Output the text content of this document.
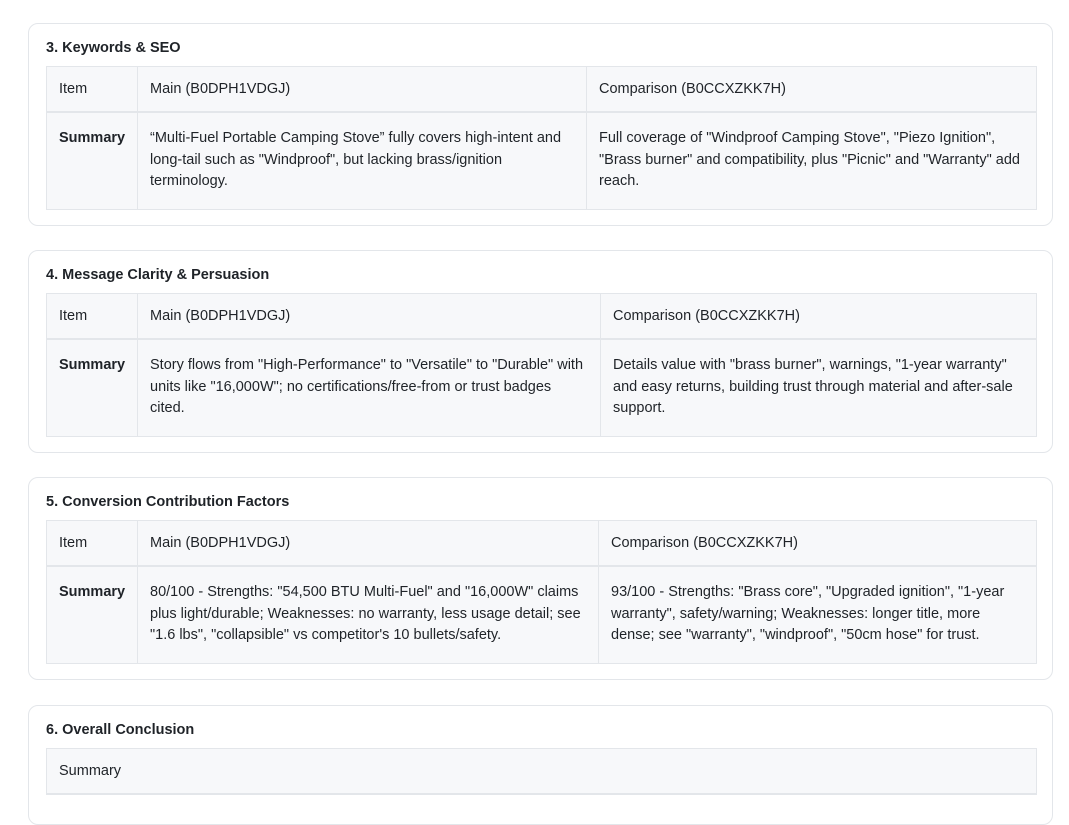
3. Keywords & SEO
Item	Main (B0DPH1VDGJ)	Comparison (B0CCXZKK7H)
Summary	“Multi-Fuel Portable Camping Stove” fully covers high-intent and long-tail such as "Windproof", but lacking brass/ignition terminology.	Full coverage of "Windproof Camping Stove", "Piezo Ignition", "Brass burner" and compatibility, plus "Picnic" and "Warranty" add reach.
4. Message Clarity & Persuasion
Item	Main (B0DPH1VDGJ)	Comparison (B0CCXZKK7H)
Summary	Story flows from "High-Performance" to "Versatile" to "Durable" with units like "16,000W"; no certifications/free-from or trust badges cited.	Details value with "brass burner", warnings, "1-year warranty" and easy returns, building trust through material and after-sale support.
5. Conversion Contribution Factors
Item	Main (B0DPH1VDGJ)	Comparison (B0CCXZKK7H)
Summary	80/100 - Strengths: "54,500 BTU Multi-Fuel" and "16,000W" claims plus light/durable; Weaknesses: no warranty, less usage detail; see "1.6 lbs", "collapsible" vs competitor's 10 bullets/safety.	93/100 - Strengths: "Brass core", "Upgraded ignition", "1-year warranty", safety/warning; Weaknesses: longer title, more dense; see "warranty", "windproof", "50cm hose" for trust.
6. Overall Conclusion
Summary
